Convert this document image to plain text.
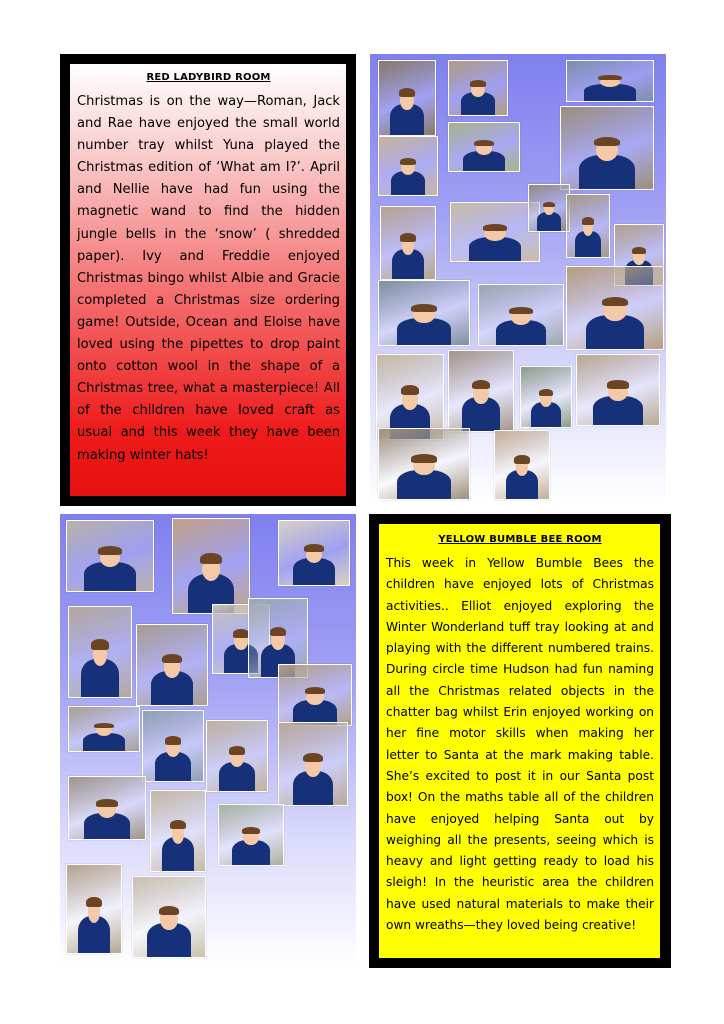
RED LADYBIRD ROOM

Christmas is on the way—Roman, Jack and Rae have enjoyed the small world number tray whilst Yuna played the Christmas edition of ‘What am I?’. April and Nellie have had fun using the magnetic wand to find the hidden jungle bells in the ‘snow’ ( shredded paper). Ivy and Freddie enjoyed Christmas bingo whilst Albie and Gracie completed a Christmas size ordering game! Outside, Ocean and Eloise have loved using the pipettes to drop paint onto cotton wool in the shape of a Christmas tree, what a masterpiece! All of the children have loved craft as usual and this week they have been making winter hats!

YELLOW BUMBLE BEE ROOM

This week in Yellow Bumble Bees the children have enjoyed lots of Christmas activities.. Elliot enjoyed exploring the Winter Wonderland tuff tray looking at and playing with the different numbered trains. During circle time Hudson had fun naming all the Christmas related objects in the chatter bag whilst Erin enjoyed working on her fine motor skills when making her letter to Santa at the mark making table. She’s excited to post it in our Santa post box! On the maths table all of the children have enjoyed helping Santa out by weighing all the presents, seeing which is heavy and light getting ready to load his sleigh! In the heuristic area the children have used natural materials to make their own wreaths—they loved being creative!
